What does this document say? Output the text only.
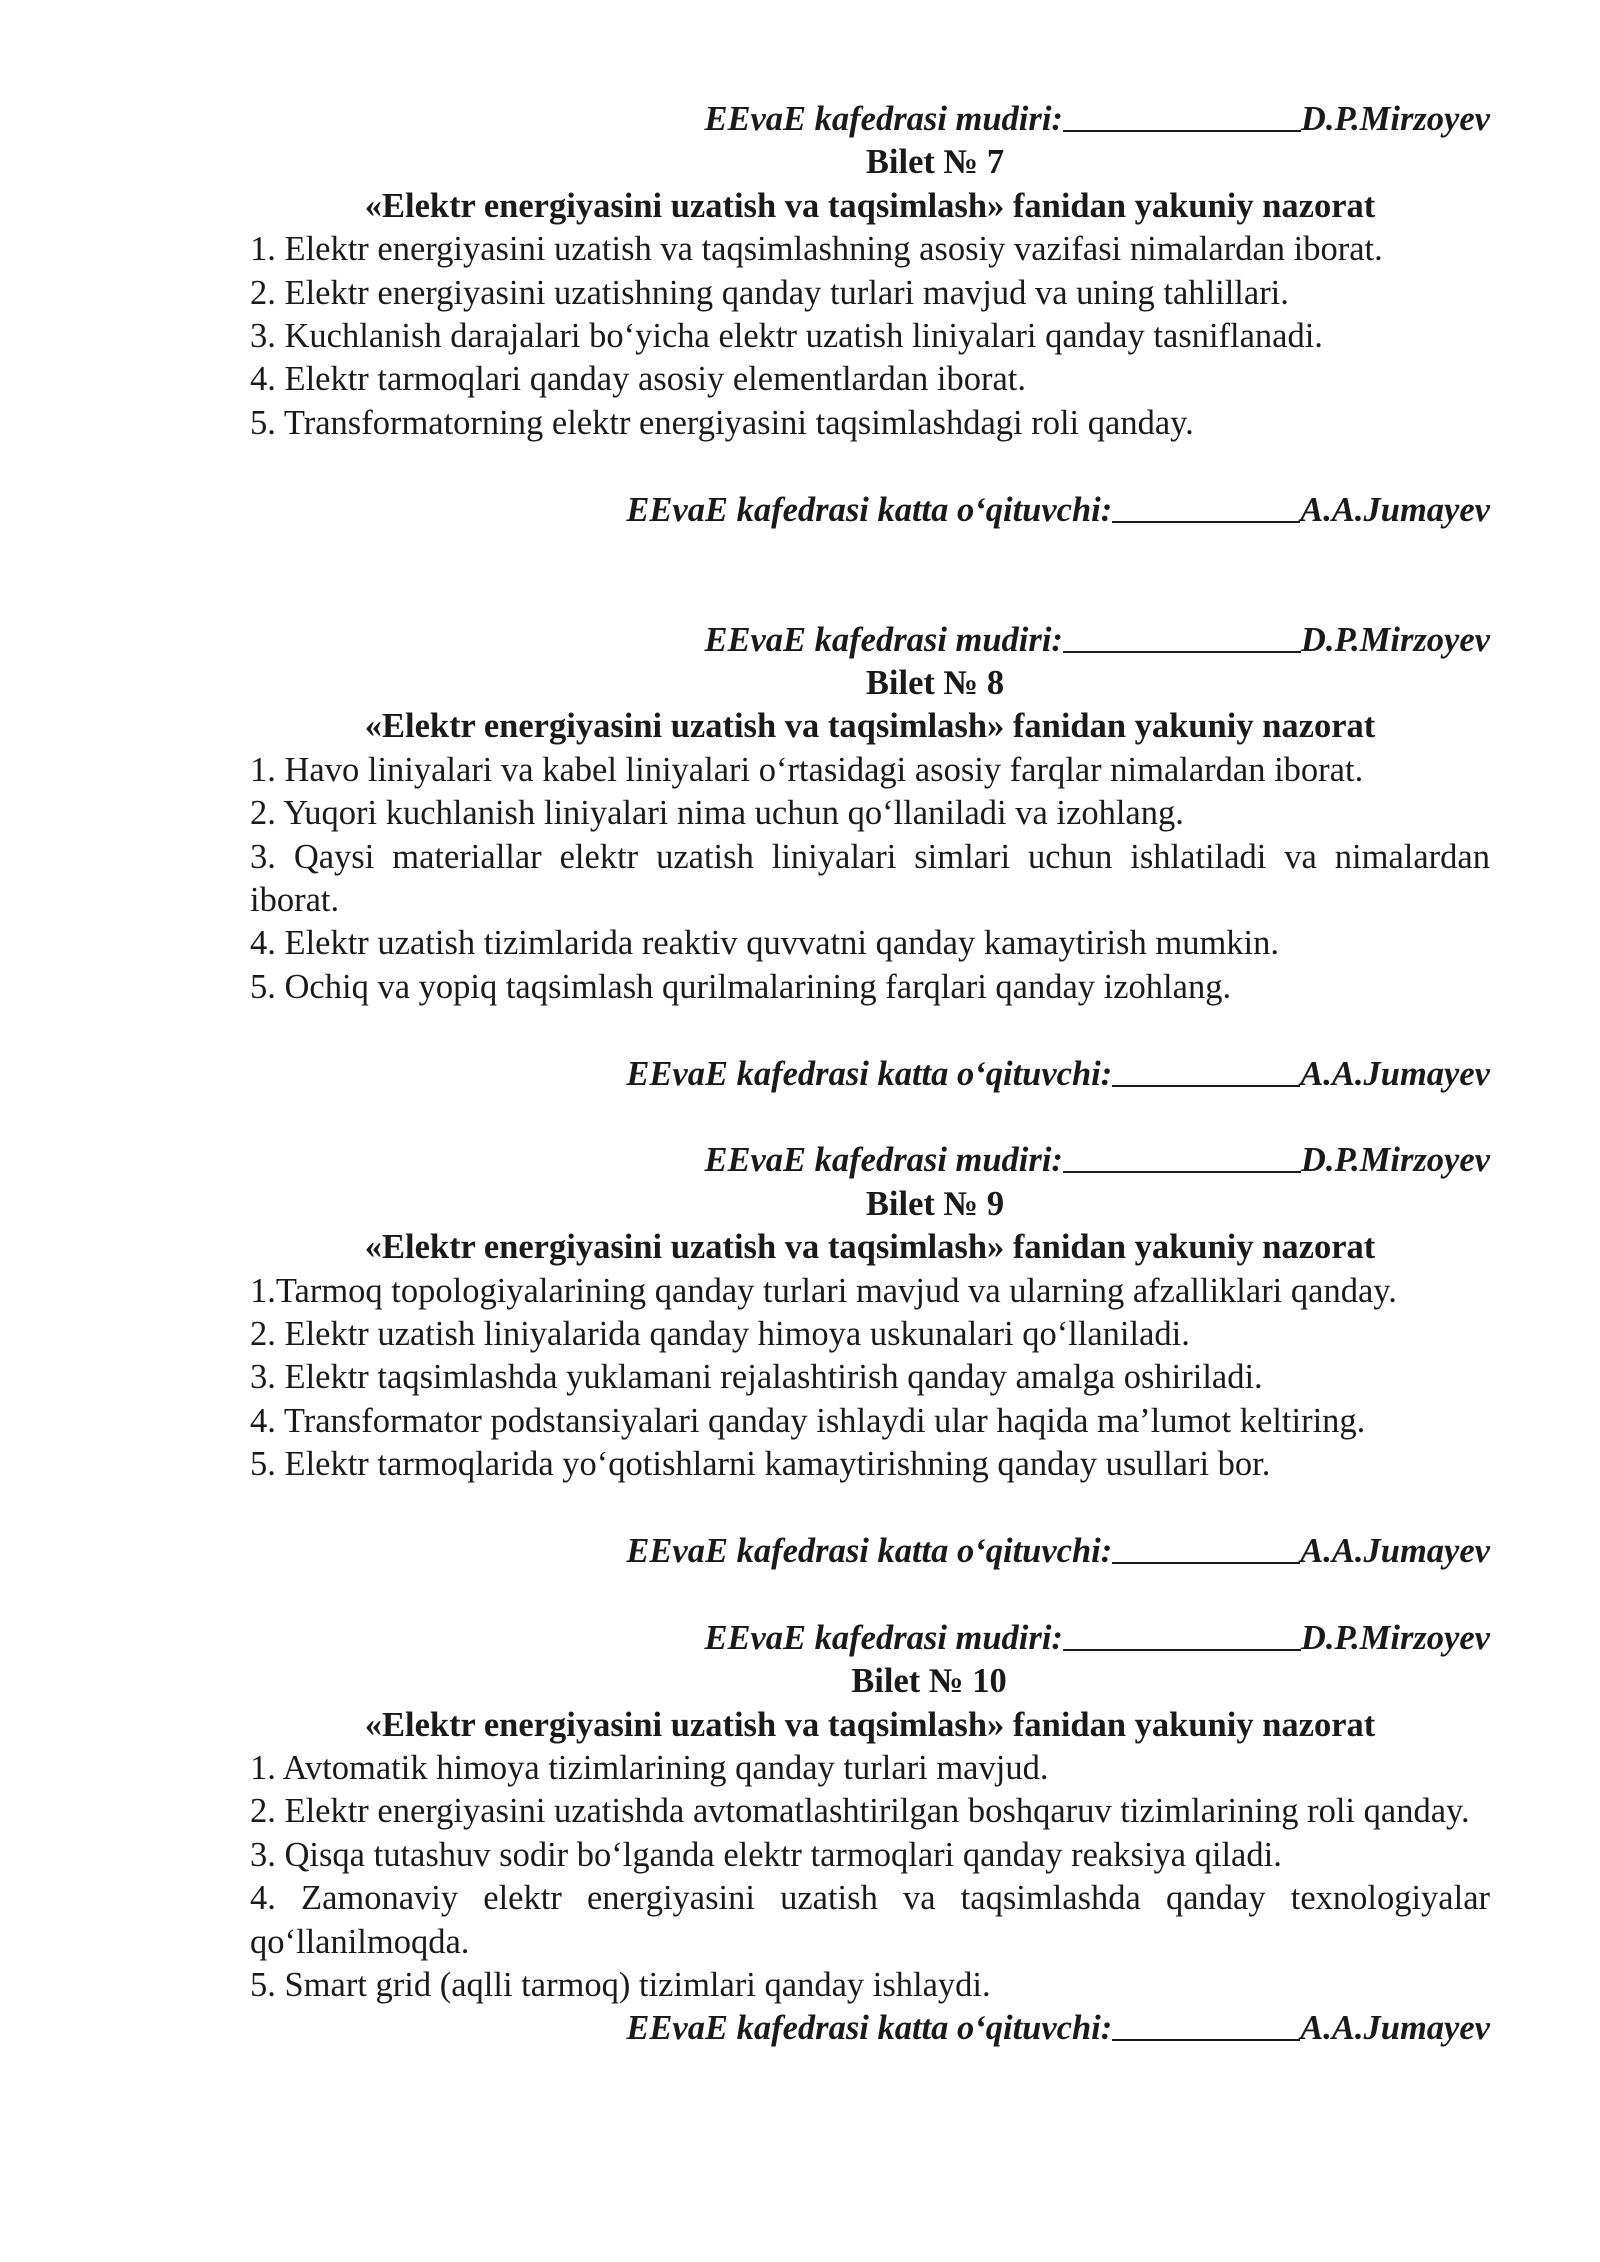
EEvaE kafedrasi mudiri:	D.P.Mirzoyev
Bilet № 7
«Elektr energiyasini uzatish va taqsimlash» fanidan yakuniy nazorat
1. Elektr energiyasini uzatish va taqsimlashning asosiy vazifasi nimalardan iborat.
2. Elektr energiyasini uzatishning qanday turlari mavjud va uning tahlillari.
3. Kuchlanish darajalari bo‘yicha elektr uzatish liniyalari qanday tasniflanadi.
4. Elektr tarmoqlari qanday asosiy elementlardan iborat.
5. Transformatorning elektr energiyasini taqsimlashdagi roli qanday.
EEvaE kafedrasi katta o‘qituvchi:	A.A.Jumayev
EEvaE kafedrasi mudiri:	D.P.Mirzoyev
Bilet № 8
«Elektr energiyasini uzatish va taqsimlash» fanidan yakuniy nazorat
1. Havo liniyalari va kabel liniyalari o‘rtasidagi asosiy farqlar nimalardan iborat.
2. Yuqori kuchlanish liniyalari nima uchun qo‘llaniladi va izohlang.
3. Qaysi materiallar elektr uzatish liniyalari simlari uchun ishlatiladi va nimalardan iborat.
4. Elektr uzatish tizimlarida reaktiv quvvatni qanday kamaytirish mumkin.
5. Ochiq va yopiq taqsimlash qurilmalarining farqlari qanday izohlang.
EEvaE kafedrasi katta o‘qituvchi:	A.A.Jumayev
EEvaE kafedrasi mudiri:	D.P.Mirzoyev
Bilet № 9
«Elektr energiyasini uzatish va taqsimlash» fanidan yakuniy nazorat
1.Tarmoq topologiyalarining qanday turlari mavjud va ularning afzalliklari qanday.
2. Elektr uzatish liniyalarida qanday himoya uskunalari qo‘llaniladi.
3. Elektr taqsimlashda yuklamani rejalashtirish qanday amalga oshiriladi.
4. Transformator podstansiyalari qanday ishlaydi ular haqida ma’lumot keltiring.
5. Elektr tarmoqlarida yo‘qotishlarni kamaytirishning qanday usullari bor.
EEvaE kafedrasi katta o‘qituvchi:	A.A.Jumayev
EEvaE kafedrasi mudiri:	D.P.Mirzoyev
Bilet № 10
«Elektr energiyasini uzatish va taqsimlash» fanidan yakuniy nazorat
1. Avtomatik himoya tizimlarining qanday turlari mavjud.
2. Elektr energiyasini uzatishda avtomatlashtirilgan boshqaruv tizimlarining roli qanday.
3. Qisqa tutashuv sodir bo‘lganda elektr tarmoqlari qanday reaksiya qiladi.
4. Zamonaviy elektr energiyasini uzatish va taqsimlashda qanday texnologiyalar qo‘llanilmoqda.
5. Smart grid (aqlli tarmoq) tizimlari qanday ishlaydi.
EEvaE kafedrasi katta o‘qituvchi:	A.A.Jumayev
